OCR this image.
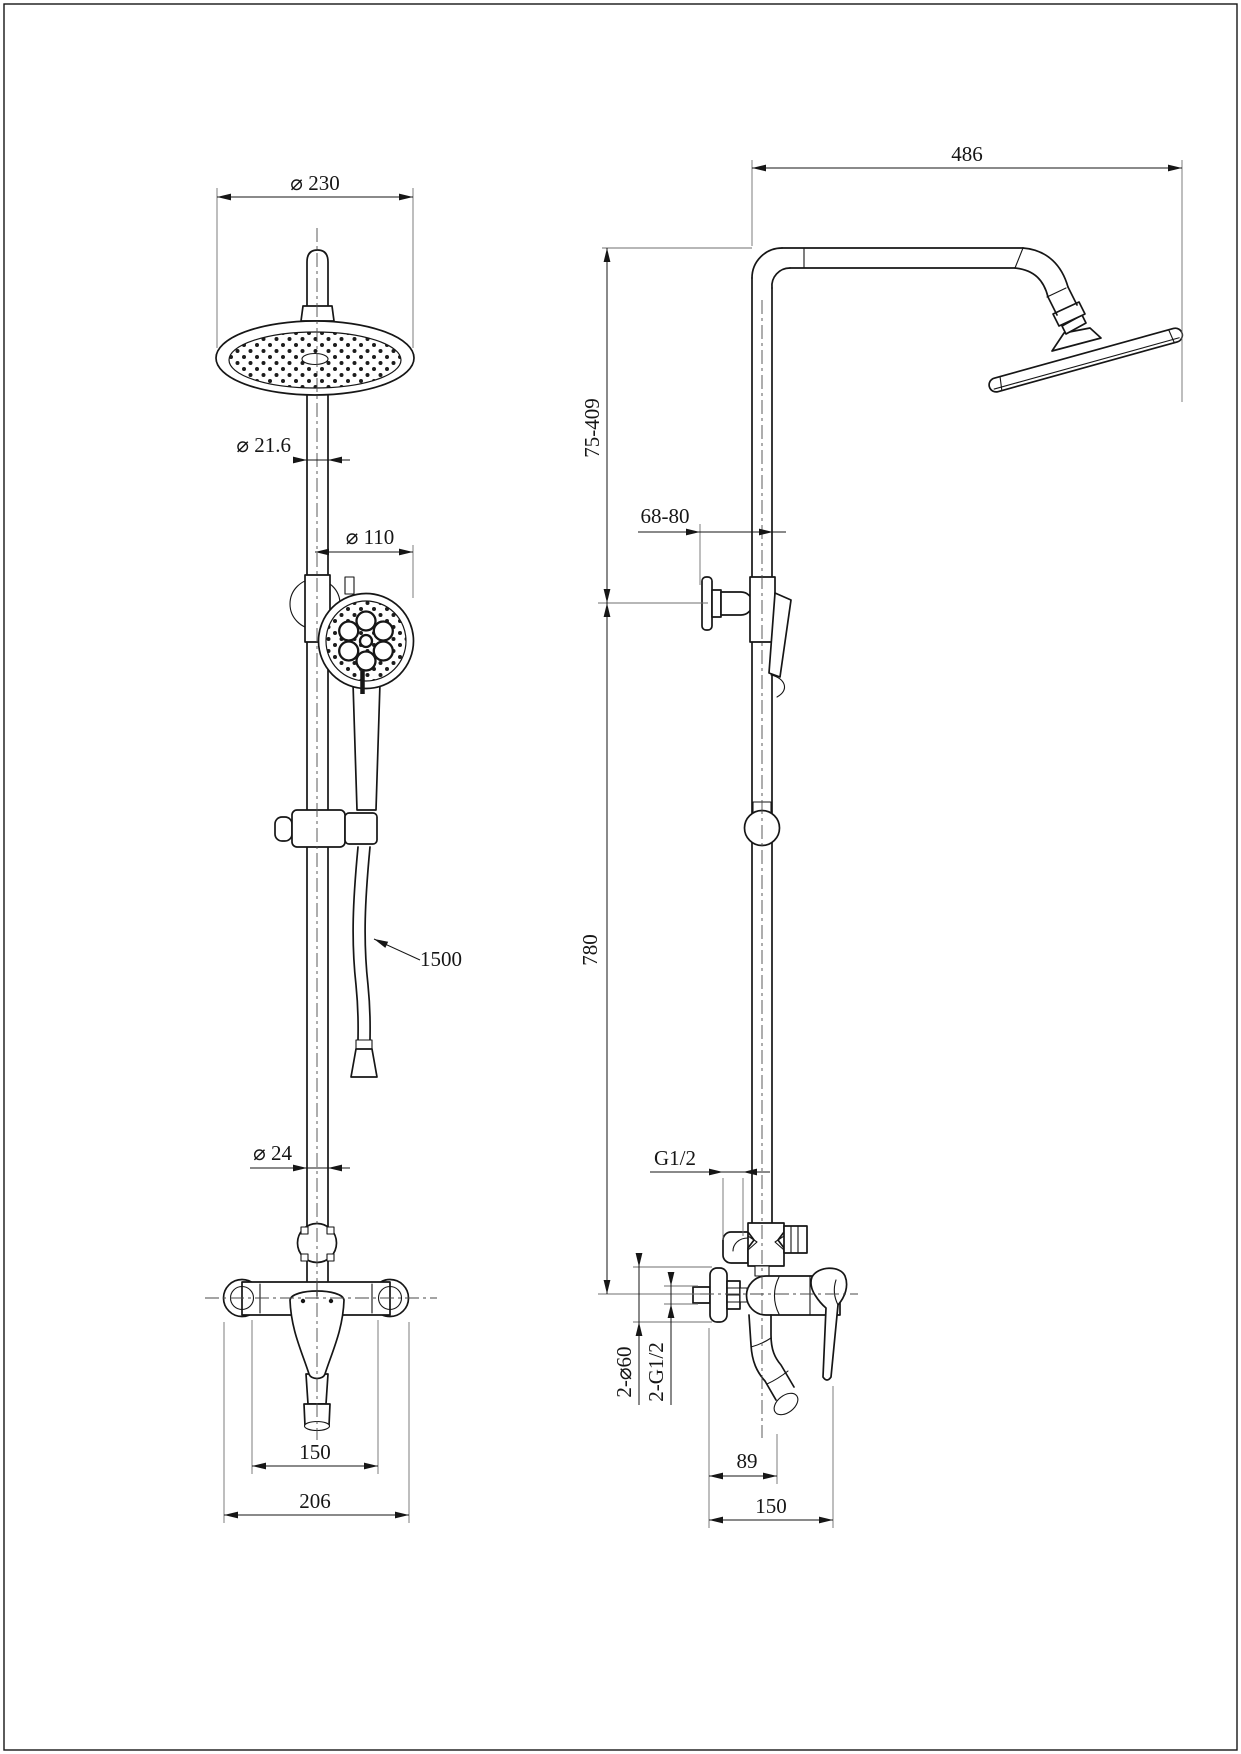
⌀ 230
⌀ 21.6
⌀ 110
1500
⌀ 24
150
206
486
75-409
68-80
780
G1/2
2-⌀60 2-G1/2
89
150
